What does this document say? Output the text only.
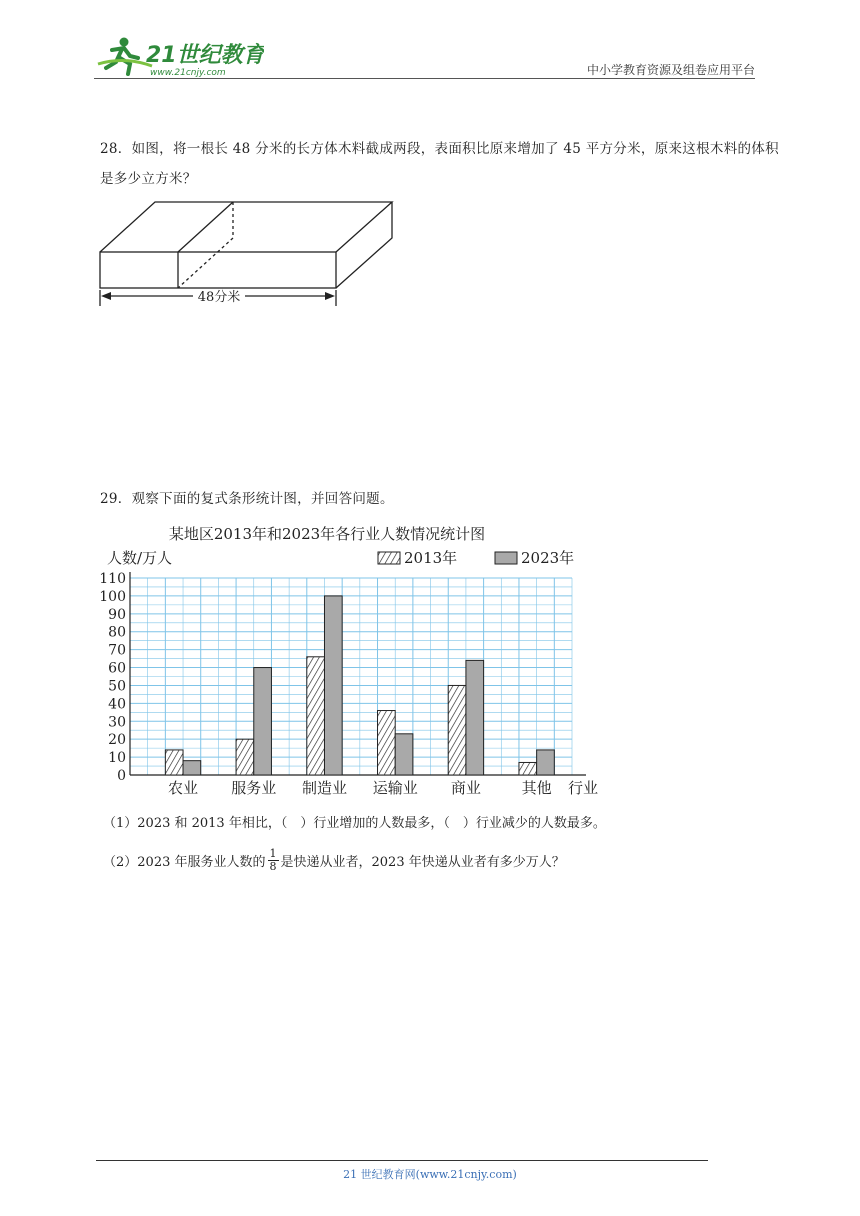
21世纪教育
www.21cnjy.com	中小学教育资源及组卷应用平台
28．如图，将一根长 48 分米的长方体木料截成两段，表面积比原来增加了 45 平方分米，原来这根木料的体积是多少立方米？
48分米
29．观察下面的复式条形统计图，并回答问题。
某地区2013年和2023年各行业人数情况统计图
人数/万人
行业
2013年	2023年
0
10
20
30
40
50
60
70
80
90
100
110
农业 服务业 制造业 运输业 商业	其他
（1）2023 和 2013 年相比，（　）行业增加的人数最多，（　）行业减少的人数最多。
（2）2023 年服务业人数的 $\frac{1}{8}$ 是快递从业者，2023 年快递从业者有多少万人？
21 世纪教育网(www.21cnjy.com)
